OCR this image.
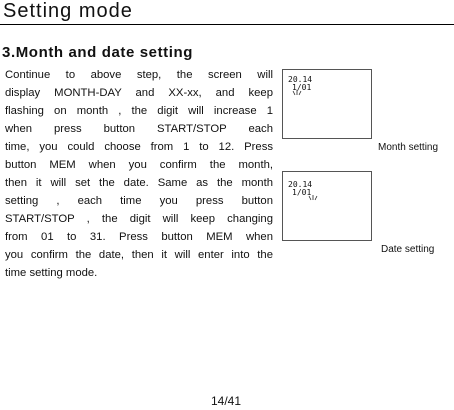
Setting mode
3.Month and date setting
Continue to above step, the screen will
display MONTH-DAY and XX-xx, and keep
flashing on month , the digit will increase 1
when press button START/STOP each
time, you could choose from 1 to 12. Press
button MEM when you confirm the month,
then it will set the date. Same as the month
setting , each time you press button
START/STOP , the digit will keep changing
from 01 to 31. Press button MEM when
you confirm the date, then it will enter into the
time setting mode.
20.14
1/01
Month setting
20.14
1/01
Date setting
14/41
